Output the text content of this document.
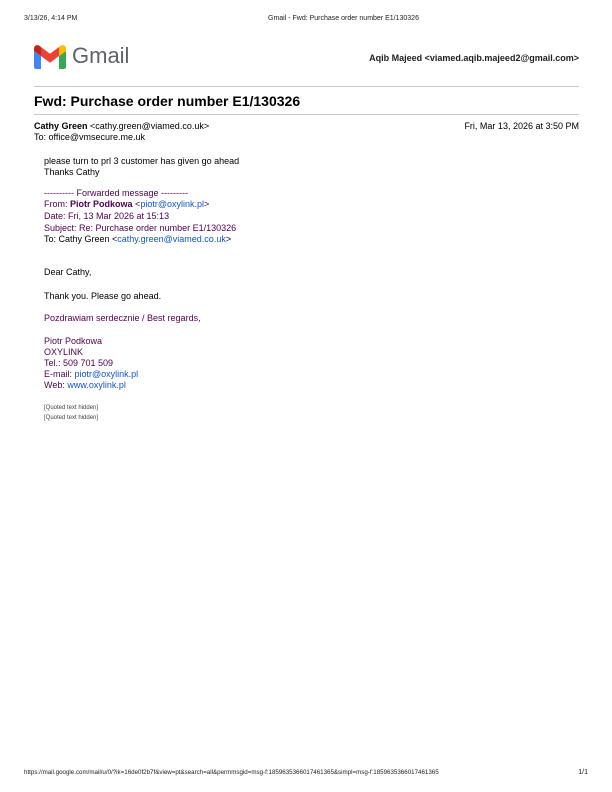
3/13/26, 4:14 PM	Gmail - Fwd: Purchase order number E1/130326
Gmail	Aqib Majeed <viamed.aqib.majeed2@gmail.com>
Fwd: Purchase order number E1/130326
Cathy Green <cathy.green@viamed.co.uk>	Fri, Mar 13, 2026 at 3:50 PM
To: office@vmsecure.me.uk
please turn to prl 3 customer has given go ahead
Thanks Cathy
---------- Forwarded message ---------
From: Piotr Podkowa <piotr@oxylink.pl>
Date: Fri, 13 Mar 2026 at 15:13
Subject: Re: Purchase order number E1/130326
To: Cathy Green <cathy.green@viamed.co.uk>
Dear Cathy,
Thank you. Please go ahead.
Pozdrawiam serdecznie / Best regards,
Piotr Podkowa
OXYLINK
Tel.: 509 701 509
E-mail: piotr@oxylink.pl
Web: www.oxylink.pl
[Quoted text hidden]
[Quoted text hidden]
https://mail.google.com/mail/u/0/?ik=16de0f2b7f&view=pt&search=all&permmsgid=msg-f:1859635366017461365&simpl=msg-f:1859635366017461365	1/1
